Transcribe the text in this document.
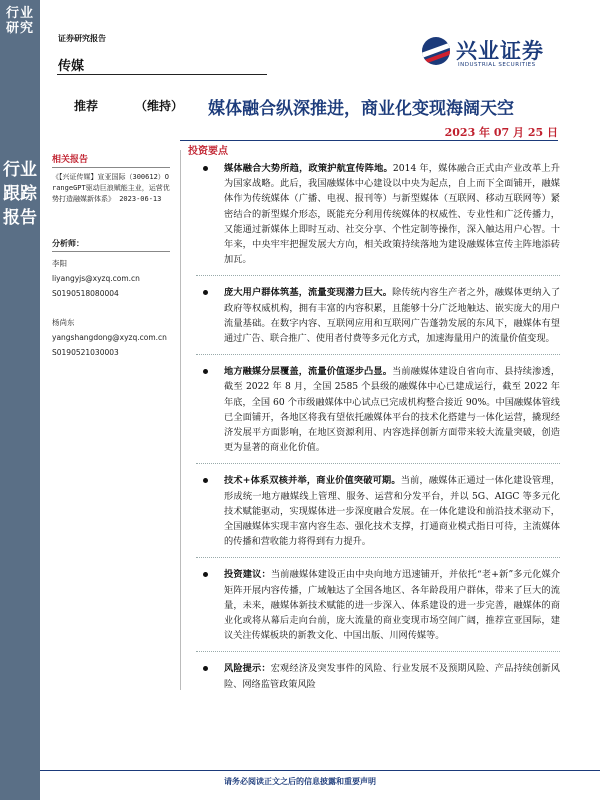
行业研究
行业跟踪报告
证券研究报告
传媒
兴业证券
INDUSTRIAL SECURITIES
推荐	（维持） 媒体融合纵深推进，商业化变现海阔天空
2023 年 07 月 25 日
投资要点
相关报告
《【兴证传媒】宣亚国际（300612）OrangeGPT驱动巨浪赋能主业，运营优势打造融媒新体系》 2023-06-13
分析师：
李阳
liyangyjs@xyzq.com.cn
S0190518080004
杨尚东
yangshangdong@xyzq.com.cn
S0190521030003
媒体融合大势所趋，政策护航宣传阵地。2014 年，媒体融合正式由产业改革上升为国家战略。此后，我国融媒体中心建设以中央为起点，自上而下全面铺开，融媒体作为传统媒体（广播、电视、报刊等）与新型媒体（互联网、移动互联网等）紧密结合的新型媒介形态，既能充分利用传统媒体的权威性、专业性和广泛传播力，又能通过新媒体上即时互动、社交分享、个性定制等操作，深入触达用户心智。十年来，中央牢牢把握发展大方向，相关政策持续落地为建设融媒体宣传主阵地添砖加瓦。
庞大用户群体筑基，流量变现潜力巨大。除传统内容生产者之外，融媒体更纳入了政府等权威机构，拥有丰富的内容积累，且能够十分广泛地触达、嵌实庞大的用户流量基础。在数字内容、互联网应用和互联网广告蓬勃发展的东风下，融媒体有望通过广告、联合推广、使用者付费等多元化方式，加速海量用户的流量价值变现。
地方融媒分层覆盖，流量价值逐步凸显。当前融媒体建设自省向市、县持续渗透，截至 2022 年 8 月，全国 2585 个县级的融媒体中心已建成运行，截至 2022 年年底，全国 60 个市级融媒体中心试点已完成机构整合接近 90%。中国融媒体管线已全面铺开，各地区将我有望依托融媒体平台的技术化搭建与一体化运营，撬现经济发展平方面影响，在地区资源利用、内容选择创新方面带来较大流量突破，创造更为显著的商业化价值。
技术+体系双核并举，商业价值突破可期。当前，融媒体正通过一体化建设管理，形成统一地方融媒线上管理、服务、运营和分发平台，并以 5G、AIGC 等多元化技术赋能驱动，实现媒体进一步深度融合发展。在一体化建设和前沿技术驱动下，全国融媒体实现丰富内容生态、强化技术支撑，打通商业模式指日可待，主流媒体的传播和营收能力将得到有力提升。
投资建议：当前融媒体建设正由中央向地方迅速铺开，并依托“老+新”多元化媒介矩阵开展内容传播，广域触达了全国各地区、各年龄段用户群体，带来了巨大的流量，未来，融媒体新技术赋能的进一步深入、体系建设的进一步完善，融媒体的商业化或将从幕后走向台前，庞大流量的商业变现市场空间广阔，推荐宣亚国际，建议关注传媒板块的新教文化、中国出版、川网传媒等。
风险提示：宏观经济及突发事件的风险、行业发展不及预期风险、产品持续创新风险、网络监管政策风险
请务必阅读正文之后的信息披露和重要声明
